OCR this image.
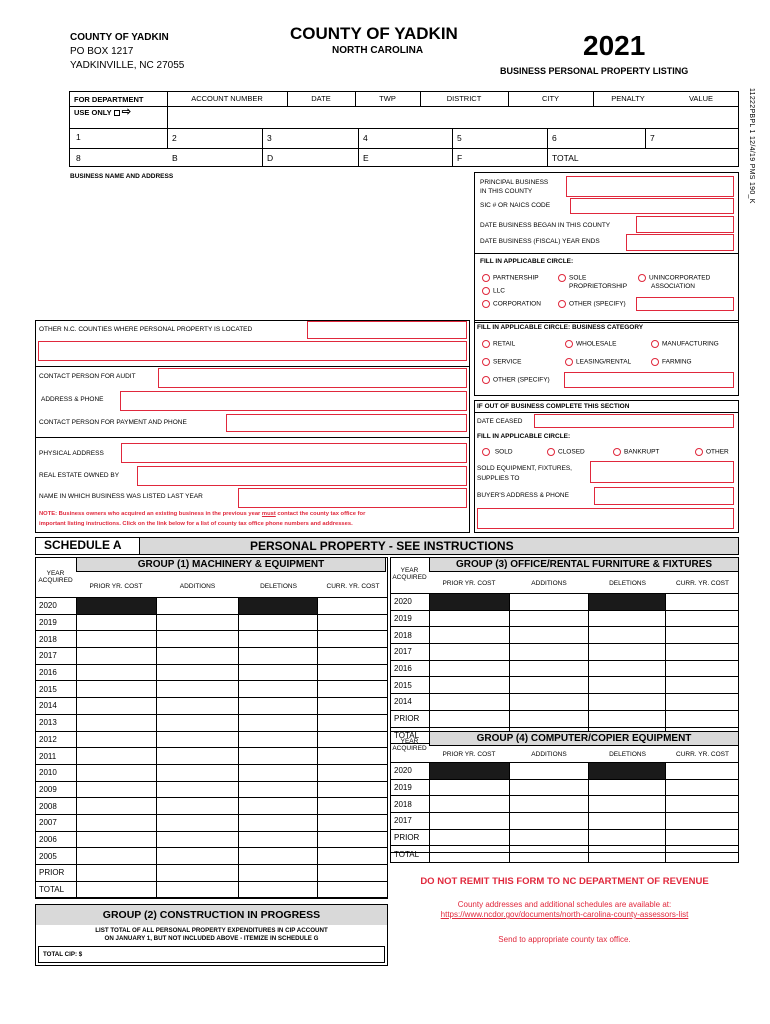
COUNTY OF YADKIN
PO BOX 1217
YADKINVILLE, NC 27055
COUNTY OF YADKIN
NORTH CAROLINA	2021
BUSINESS PERSONAL PROPERTY LISTING
11222PBPL 1 12/4/19 PMS 190_K
FOR DEPARTMENT
USE ONLY ⇨
ACCOUNT NUMBER	DATE	TWP	DISTRICT	CITY	PENALTY	VALUE
1	2	3	4	5	6	7
8	B	D	E	F	TOTAL
BUSINESS NAME AND ADDRESS
PRINCIPAL BUSINESS
IN THIS COUNTY
SIC # OR NAICS CODE
DATE BUSINESS BEGAN IN THIS COUNTY
DATE BUSINESS (FISCAL) YEAR ENDS
FILL IN APPLICABLE CIRCLE:
PARTNERSHIP	SOLE
PROPRIETORSHIP
UNINCORPORATED
ASSOCIATION
LLC
CORPORATION	OTHER (SPECIFY)
OTHER N.C. COUNTIES WHERE PERSONAL PROPERTY IS LOCATED
CONTACT PERSON FOR AUDIT
ADDRESS & PHONE
CONTACT PERSON FOR PAYMENT AND PHONE
PHYSICAL ADDRESS
REAL ESTATE OWNED BY
NAME IN WHICH BUSINESS WAS LISTED LAST YEAR
NOTE: Business owners who acquired an existing business in the previous year must contact the county tax office for
important listing instructions. Click on the link below for a list of county tax office phone numbers and addresses.
FILL IN APPLICABLE CIRCLE: BUSINESS CATEGORY
RETAIL	WHOLESALE	MANUFACTURING
SERVICE	LEASING/RENTAL	FARMING
OTHER (SPECIFY)
IF OUT OF BUSINESS COMPLETE THIS SECTION
DATE CEASED
FILL IN APPLICABLE CIRCLE:
SOLD	CLOSED	BANKRUPT	OTHER
SOLD EQUIPMENT, FIXTURES,
SUPPLIES TO
BUYER'S ADDRESS & PHONE
SCHEDULE A	PERSONAL PROPERTY - SEE INSTRUCTIONS
GROUP (1) MACHINERY & EQUIPMENT
YEAR
ACQUIRED
PRIOR YR. COST	ADDITIONS	DELETIONS	CURR. YR. COST
2020				
2019				
2018				
2017				
2016				
2015				
2014				
2013				
2012				
2011				
2010				
2009				
2008				
2007				
2006				
2005				
PRIOR				
TOTAL				
GROUP (2) CONSTRUCTION IN PROGRESS
LIST TOTAL OF ALL PERSONAL PROPERTY EXPENDITURES IN CIP ACCOUNT
ON JANUARY 1, BUT NOT INCLUDED ABOVE - ITEMIZE IN SCHEDULE G
TOTAL CIP: $
GROUP (3) OFFICE/RENTAL FURNITURE & FIXTURES
YEAR
ACQUIRED
PRIOR YR. COST	ADDITIONS	DELETIONS	CURR. YR. COST
2020				
2019				
2018				
2017				
2016				
2015				
2014				
PRIOR				
TOTAL					GROUP (4) COMPUTER/COPIER EQUIPMENT
YEAR
ACQUIRED
PRIOR YR. COST	ADDITIONS	DELETIONS	CURR. YR. COST
2020				
2019				
2018				
2017				
PRIOR				
TOTAL				
DO NOT REMIT THIS FORM TO NC DEPARTMENT OF REVENUE
County addresses and additional schedules are available at:
https://www.ncdor.gov/documents/north-carolina-county-assessors-list
Send to appropriate county tax office.
